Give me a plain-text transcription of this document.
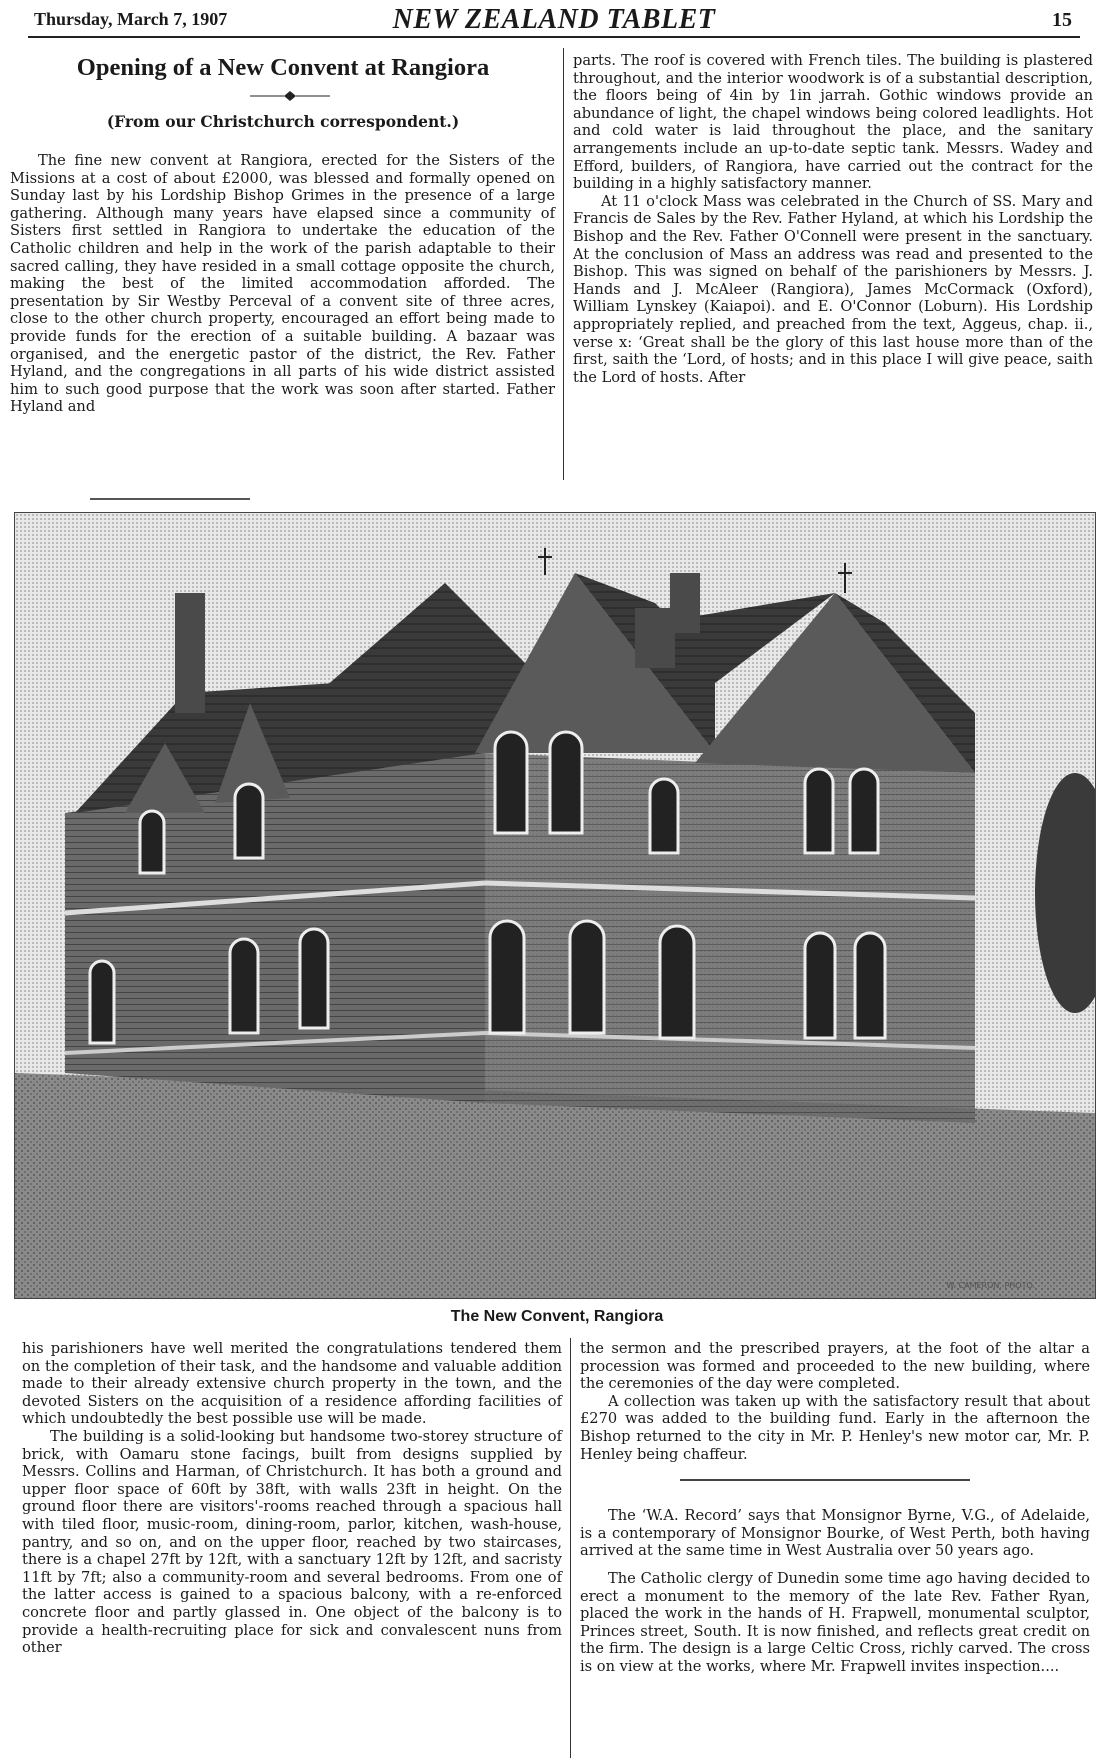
Thursday, March 7, 1907	NEW ZEALAND TABLET	15
Opening of a New Convent at Rangiora
(From our Christchurch correspondent.)

The fine new convent at Rangiora, erected for the Sisters of the Missions at a cost of about £2000, was blessed and formally opened on Sunday last by his Lordship Bishop Grimes in the presence of a large gathering. Although many years have elapsed since a community of Sisters first settled in Rangiora to undertake the education of the Catholic children and help in the work of the parish adaptable to their sacred calling, they have resided in a small cottage opposite the church, making the best of the limited accommodation afforded. The presentation by Sir Westby Perceval of a convent site of three acres, close to the other church property, encouraged an effort being made to provide funds for the erection of a suitable building. A bazaar was organised, and the energetic pastor of the district, the Rev. Father Hyland, and the congregations in all parts of his wide district assisted him to such good purpose that the work was soon after started. Father Hyland and

parts. The roof is covered with French tiles. The building is plastered throughout, and the interior woodwork is of a substantial description, the floors being of 4in by 1in jarrah. Gothic windows provide an abundance of light, the chapel windows being colored leadlights. Hot and cold water is laid throughout the place, and the sanitary arrangements include an up-to-date septic tank. Messrs. Wadey and Efford, builders, of Rangiora, have carried out the contract for the building in a highly satisfactory manner.

At 11 o'clock Mass was celebrated in the Church of SS. Mary and Francis de Sales by the Rev. Father Hyland, at which his Lordship the Bishop and the Rev. Father O'Connell were present in the sanctuary. At the conclusion of Mass an address was read and presented to the Bishop. This was signed on behalf of the parishioners by Messrs. J. Hands and J. McAleer (Rangiora), James McCormack (Oxford), William Lynskey (Kaiapoi). and E. O'Connor (Loburn). His Lordship appropriately replied, and preached from the text, Aggeus, chap. ii., verse x: ‘Great shall be the glory of this last house more than of the first, saith the ‘Lord, of hosts; and in this place I will give peace, saith the Lord of hosts. After

W. CAMERON, PHOTO.
The New Convent, Rangiora

his parishioners have well merited the congratulations tendered them on the completion of their task, and the handsome and valuable addition made to their already extensive church property in the town, and the devoted Sisters on the acquisition of a residence affording facilities of which undoubtedly the best possible use will be made.

The building is a solid-looking but handsome two-storey structure of brick, with Oamaru stone facings, built from designs supplied by Messrs. Collins and Harman, of Christchurch. It has both a ground and upper floor space of 60ft by 38ft, with walls 23ft in height. On the ground floor there are visitors'-rooms reached through a spacious hall with tiled floor, music-room, dining-room, parlor, kitchen, wash-house, pantry, and so on, and on the upper floor, reached by two staircases, there is a chapel 27ft by 12ft, with a sanctuary 12ft by 12ft, and sacristy 11ft by 7ft; also a community-room and several bedrooms. From one of the latter access is gained to a spacious balcony, with a re-enforced concrete floor and partly glassed in. One object of the balcony is to provide a health-recruiting place for sick and convalescent nuns from other

the sermon and the prescribed prayers, at the foot of the altar a procession was formed and proceeded to the new building, where the ceremonies of the day were completed.

A collection was taken up with the satisfactory result that about £270 was added to the building fund. Early in the afternoon the Bishop returned to the city in Mr. P. Henley's new motor car, Mr. P. Henley being chaffeur.

The ‘W.A. Record’ says that Monsignor Byrne, V.G., of Adelaide, is a contemporary of Monsignor Bourke, of West Perth, both having arrived at the same time in West Australia over 50 years ago.

The Catholic clergy of Dunedin some time ago having decided to erect a monument to the memory of the late Rev. Father Ryan, placed the work in the hands of H. Frapwell, monumental sculptor, Princes street, South. It is now finished, and reflects great credit on the firm. The design is a large Celtic Cross, richly carved. The cross is on view at the works, where Mr. Frapwell invites inspection....
